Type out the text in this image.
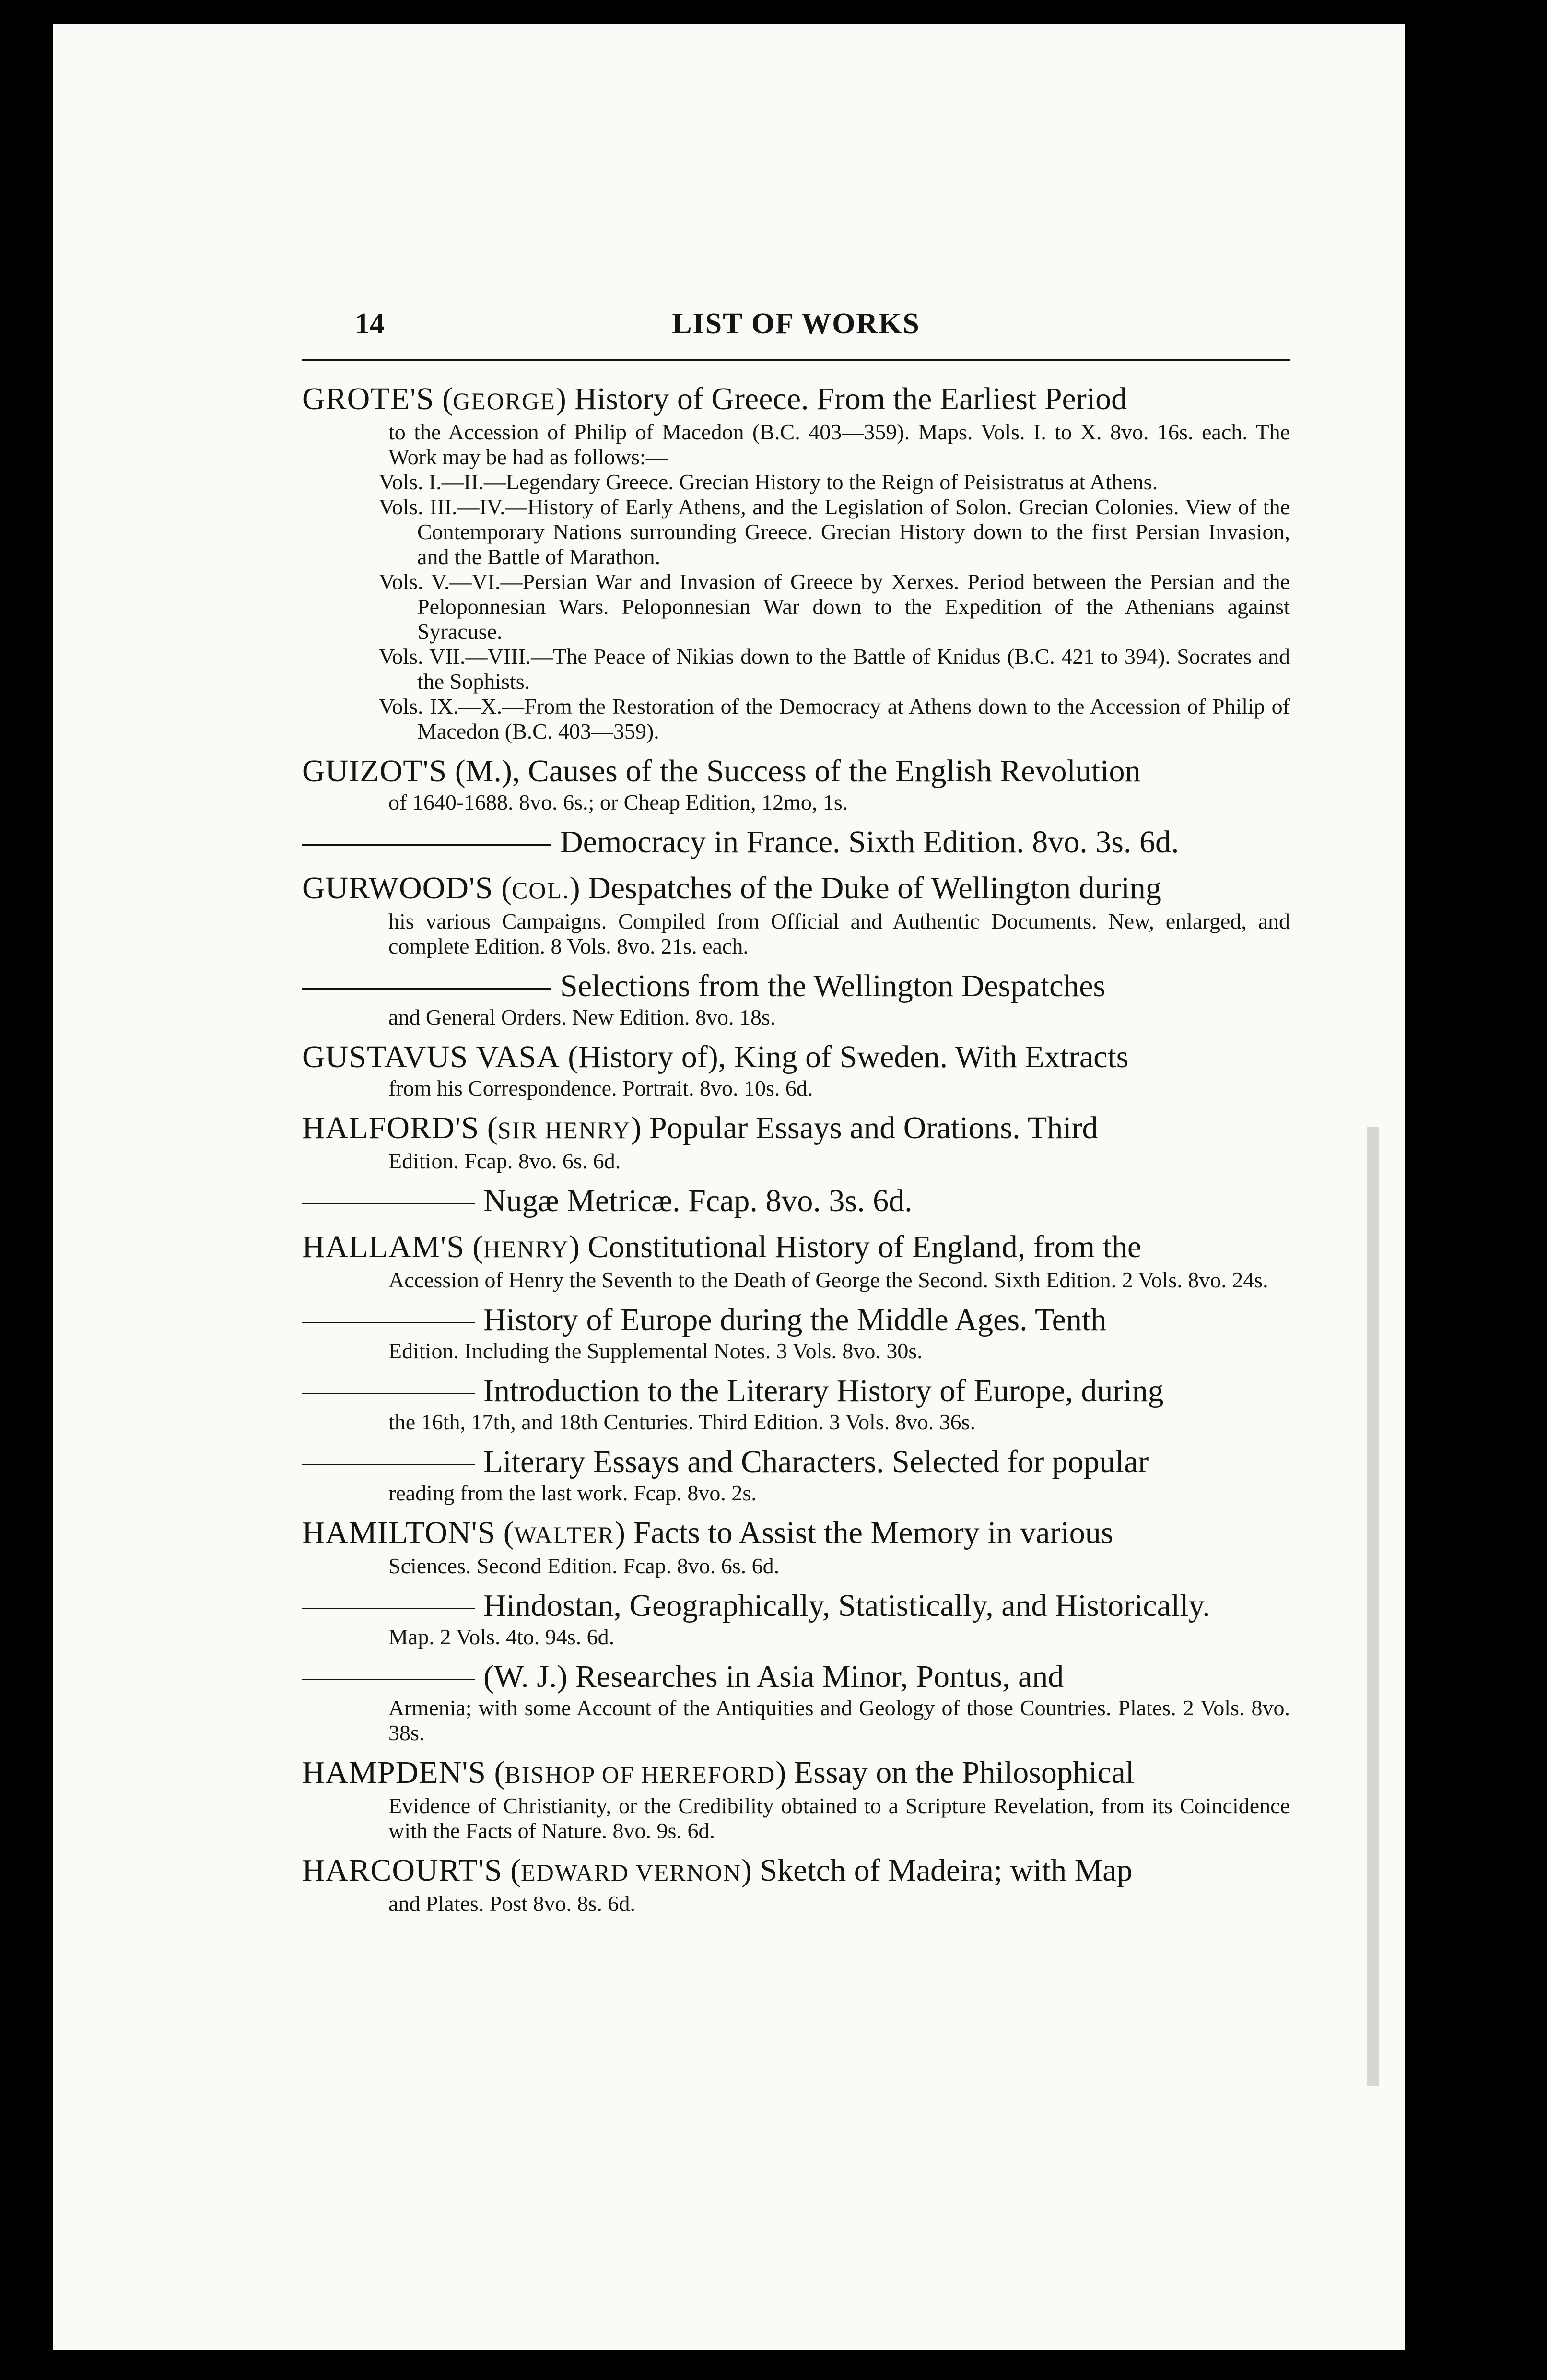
14	LIST OF WORKS
GROTE'S (GEORGE) History of Greece. From the Earliest Period
to the Accession of Philip of Macedon (B.C. 403—359). Maps. Vols. I. to X. 8vo. 16s. each. The Work may be had as follows:—
Vols. I.—II.—Legendary Greece. Grecian History to the Reign of Peisistratus at Athens.
Vols. III.—IV.—History of Early Athens, and the Legislation of Solon. Grecian Colonies. View of the Contemporary Nations surrounding Greece. Grecian History down to the first Persian Invasion, and the Battle of Marathon.
Vols. V.—VI.—Persian War and Invasion of Greece by Xerxes. Period between the Persian and the Peloponnesian Wars. Peloponnesian War down to the Expedition of the Athenians against Syracuse.
Vols. VII.—VIII.—The Peace of Nikias down to the Battle of Knidus (B.C. 421 to 394). Socrates and the Sophists.
Vols. IX.—X.—From the Restoration of the Democracy at Athens down to the Accession of Philip of Macedon (B.C. 403—359).
GUIZOT'S (M.), Causes of the Success of the English Revolution
of 1640-1688. 8vo. 6s.; or Cheap Edition, 12mo, 1s.
Democracy in France. Sixth Edition. 8vo. 3s. 6d.
GURWOOD'S (COL.) Despatches of the Duke of Wellington during
his various Campaigns. Compiled from Official and Authentic Documents. New, enlarged, and complete Edition. 8 Vols. 8vo. 21s. each.
Selections from the Wellington Despatches
and General Orders. New Edition. 8vo. 18s.
GUSTAVUS VASA (History of), King of Sweden. With Extracts
from his Correspondence. Portrait. 8vo. 10s. 6d.
HALFORD'S (SIR HENRY) Popular Essays and Orations. Third
Edition. Fcap. 8vo. 6s. 6d.
Nugæ Metricæ. Fcap. 8vo. 3s. 6d.
HALLAM'S (HENRY) Constitutional History of England, from the
Accession of Henry the Seventh to the Death of George the Second. Sixth Edition. 2 Vols. 8vo. 24s.
History of Europe during the Middle Ages. Tenth
Edition. Including the Supplemental Notes. 3 Vols. 8vo. 30s.
Introduction to the Literary History of Europe, during
the 16th, 17th, and 18th Centuries. Third Edition. 3 Vols. 8vo. 36s.
Literary Essays and Characters. Selected for popular
reading from the last work. Fcap. 8vo. 2s.
HAMILTON'S (WALTER) Facts to Assist the Memory in various
Sciences. Second Edition. Fcap. 8vo. 6s. 6d.
Hindostan, Geographically, Statistically, and Historically.
Map. 2 Vols. 4to. 94s. 6d.
(W. J.) Researches in Asia Minor, Pontus, and
Armenia; with some Account of the Antiquities and Geology of those Countries. Plates. 2 Vols. 8vo. 38s.
HAMPDEN'S (BISHOP OF HEREFORD) Essay on the Philosophical
Evidence of Christianity, or the Credibility obtained to a Scripture Revelation, from its Coincidence with the Facts of Nature. 8vo. 9s. 6d.
HARCOURT'S (EDWARD VERNON) Sketch of Madeira; with Map
and Plates. Post 8vo. 8s. 6d.
